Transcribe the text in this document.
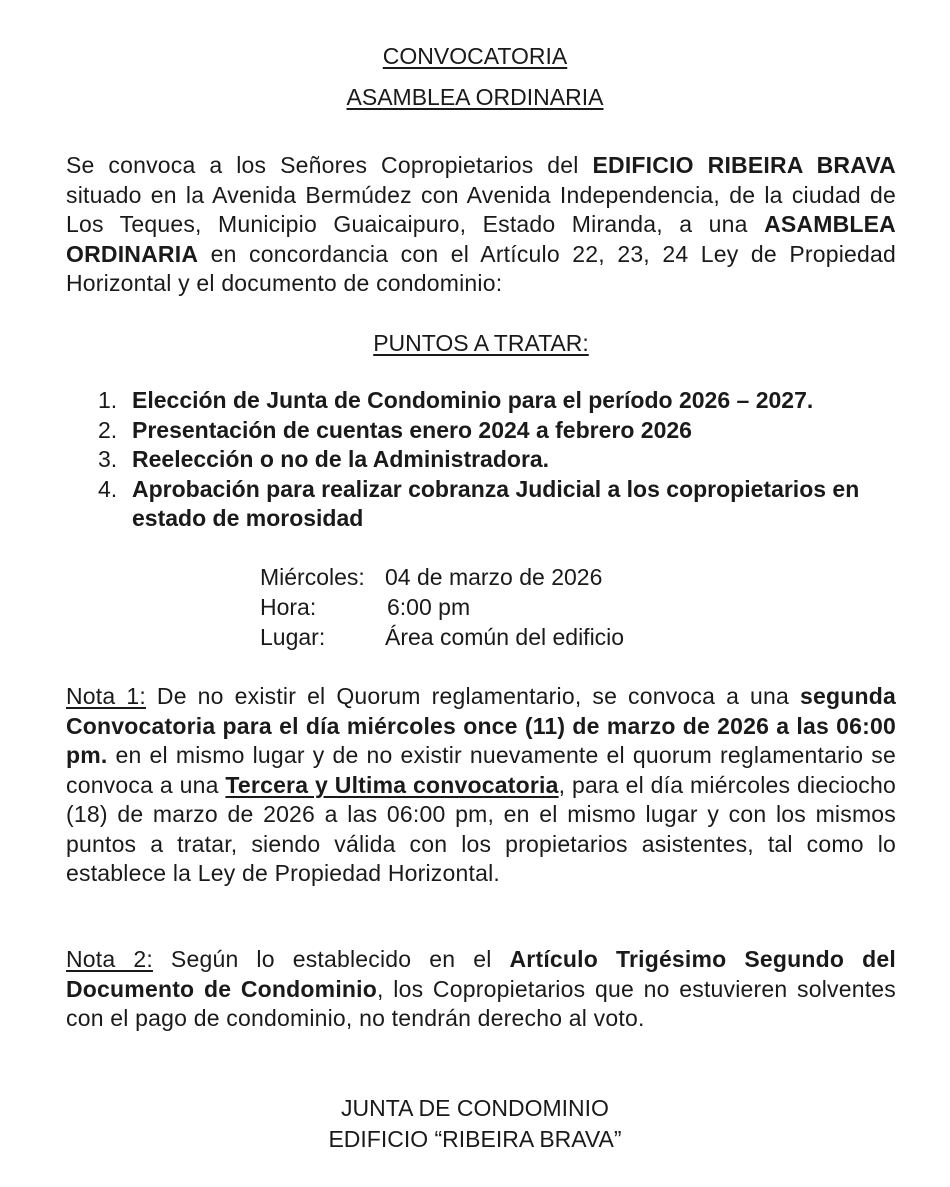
CONVOCATORIA
ASAMBLEA ORDINARIA
Se convoca a los Señores Copropietarios del EDIFICIO RIBEIRA BRAVA situado en la Avenida Bermúdez con Avenida Independencia, de la ciudad de Los Teques, Municipio Guaicaipuro, Estado Miranda, a una ASAMBLEA ORDINARIA en concordancia con el Artículo 22, 23, 24 Ley de Propiedad Horizontal y el documento de condominio:
PUNTOS A TRATAR:
1. Elección de Junta de Condominio para el período 2026 – 2027.
2. Presentación de cuentas enero 2024 a febrero 2026
3. Reelección o no de la Administradora.
4. Aprobación para realizar cobranza Judicial a los copropietarios en estado de morosidad
Miércoles: 04 de marzo de 2026
Hora:	6:00 pm
Lugar:	Área común del edificio
Nota 1: De no existir el Quorum reglamentario, se convoca a una segunda Convocatoria para el día miércoles once (11) de marzo de 2026 a las 06:00 pm. en el mismo lugar y de no existir nuevamente el quorum reglamentario se convoca a una Tercera y Ultima convocatoria, para el día miércoles dieciocho (18) de marzo de 2026 a las 06:00 pm, en el mismo lugar y con los mismos puntos a tratar, siendo válida con los propietarios asistentes, tal como lo establece la Ley de Propiedad Horizontal.
Nota 2: Según lo establecido en el Artículo Trigésimo Segundo del Documento de Condominio, los Copropietarios que no estuvieren solventes con el pago de condominio, no tendrán derecho al voto.
JUNTA DE CONDOMINIO
EDIFICIO “RIBEIRA BRAVA”
